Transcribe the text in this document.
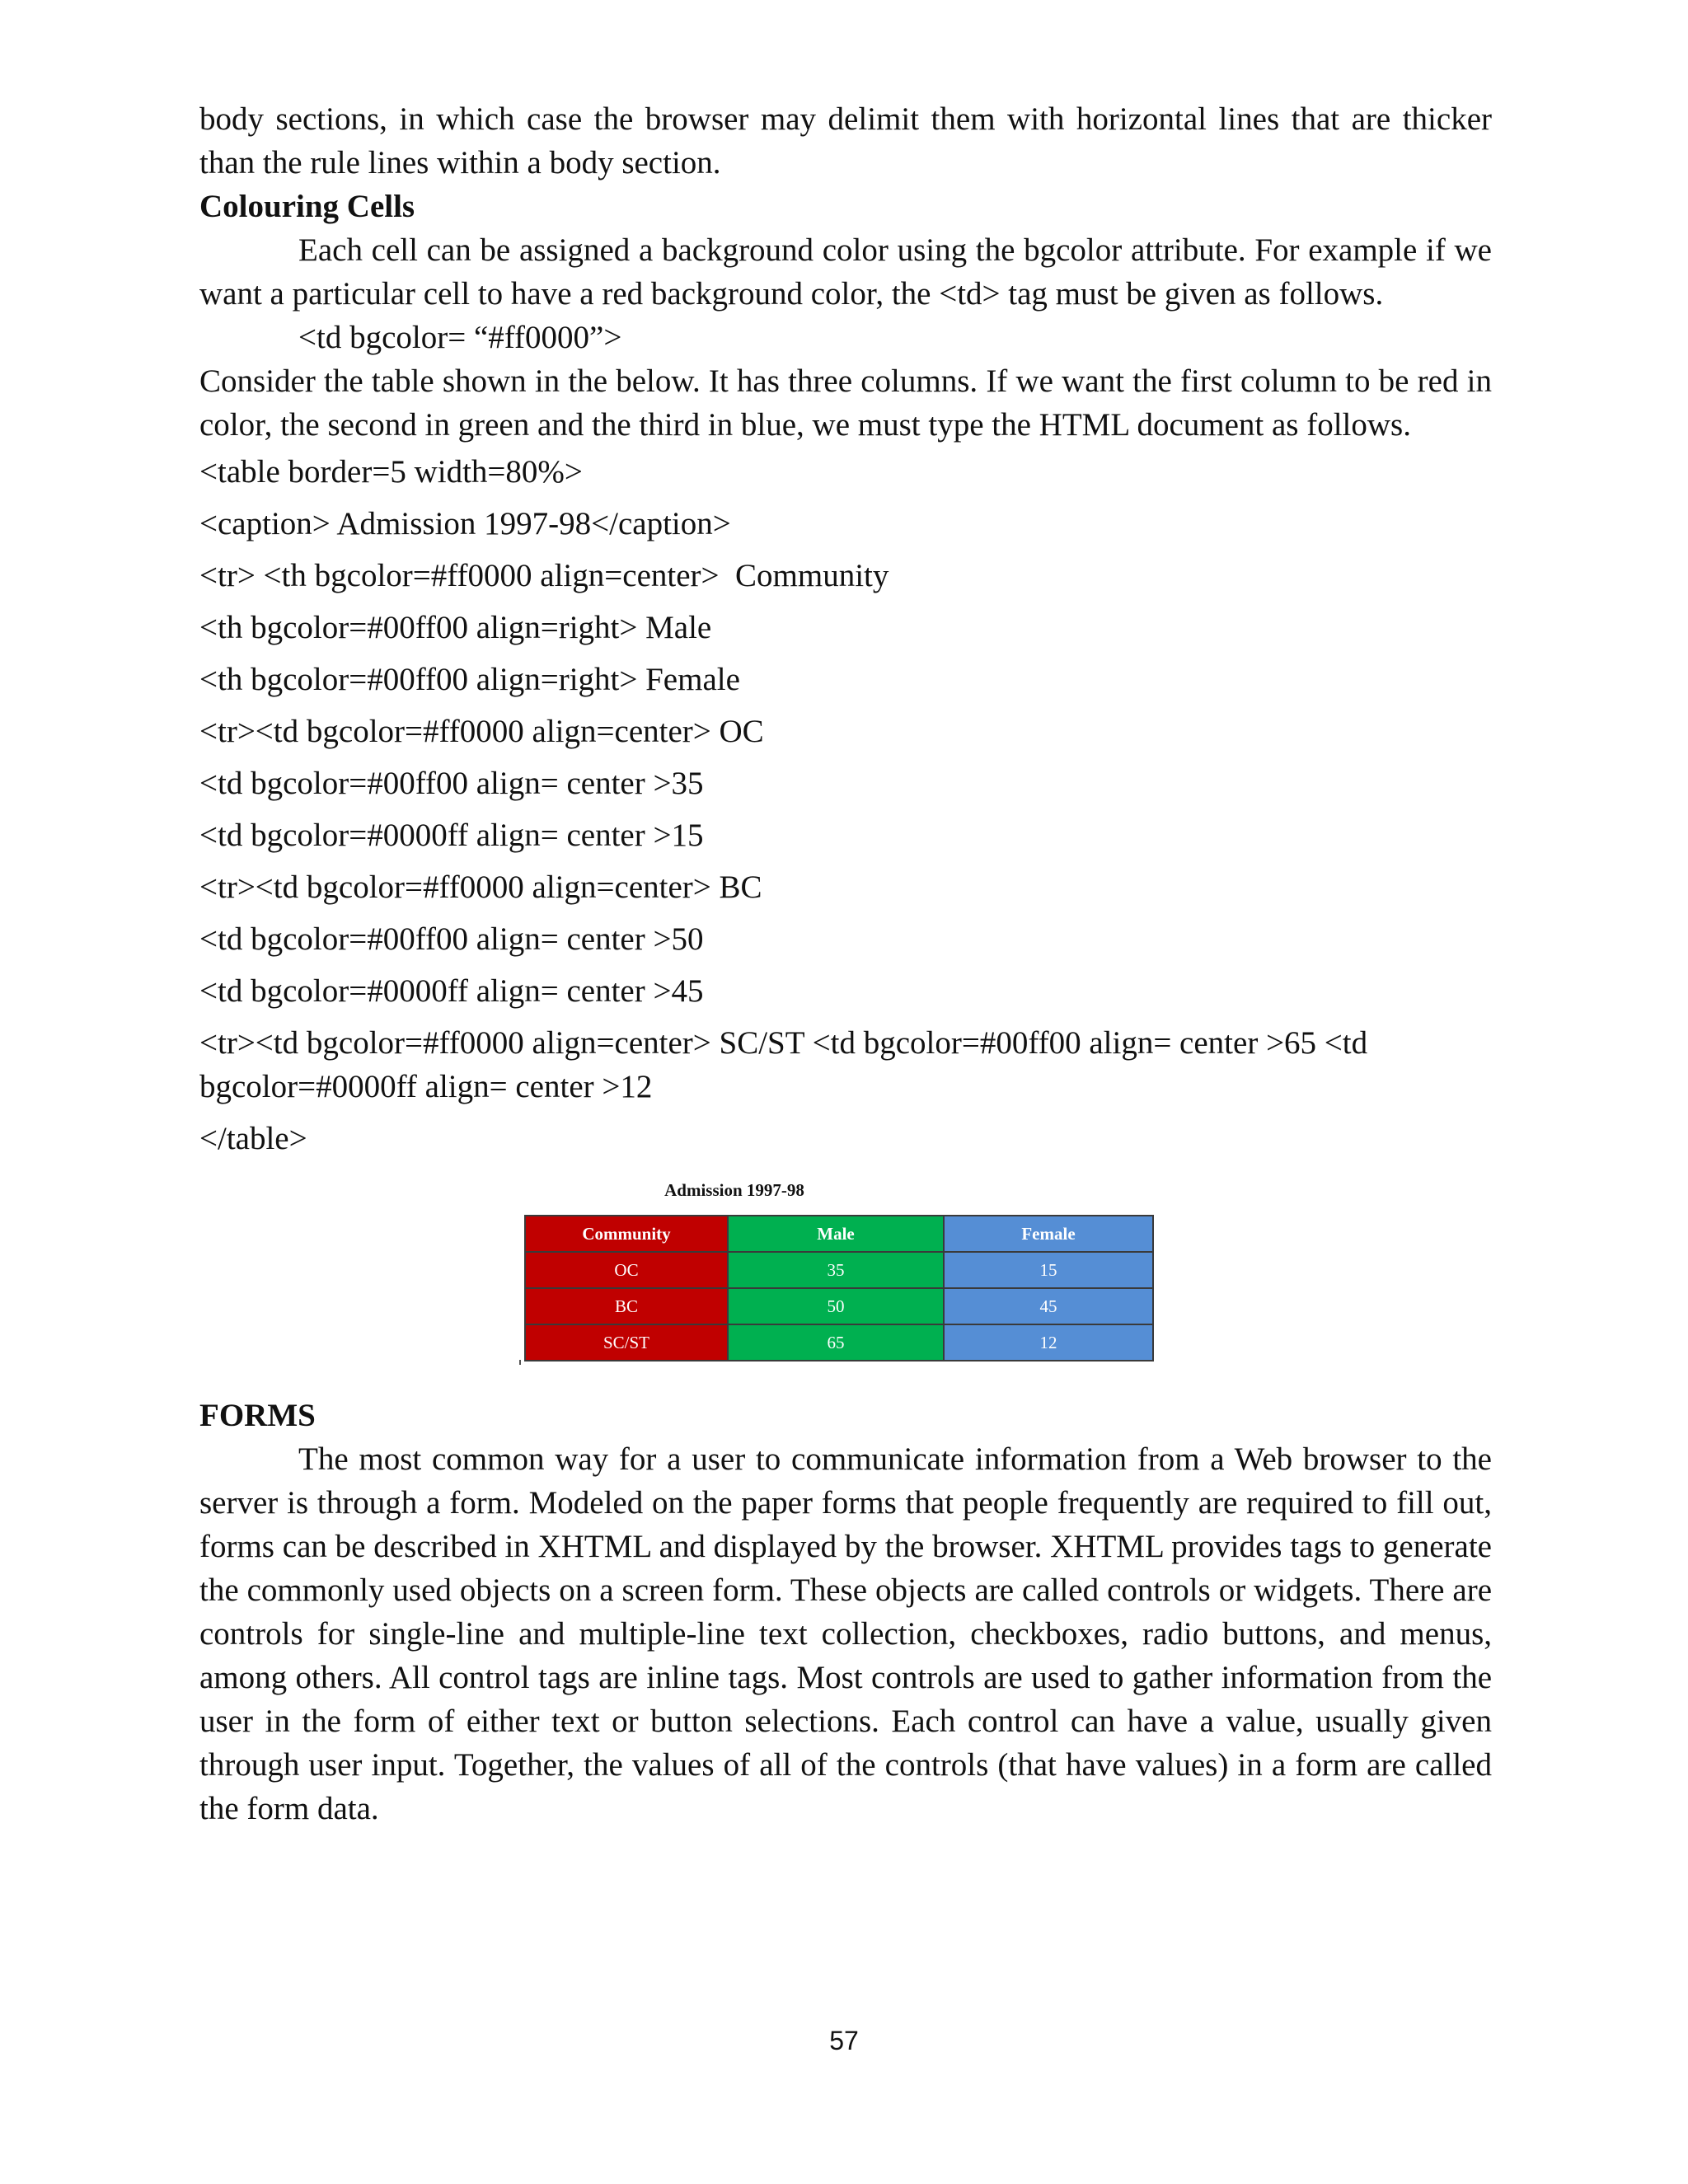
body sections, in which case the browser may delimit them with horizontal lines that are thicker than the rule lines within a body section.

Colouring Cells

Each cell can be assigned a background color using the bgcolor attribute. For example if we want a particular cell to have a red background color, the <td> tag must be given as follows.

<td bgcolor= “#ff0000”>

Consider the table shown in the below. It has three columns. If we want the first column to be red in color, the second in green and the third in blue, we must type the HTML document as follows.

<table border=5 width=80%>

<caption> Admission 1997-98</caption>

<tr> <th bgcolor=#ff0000 align=center>  Community

<th bgcolor=#00ff00 align=right> Male

<th bgcolor=#00ff00 align=right> Female

<tr><td bgcolor=#ff0000 align=center> OC

<td bgcolor=#00ff00 align= center >35

<td bgcolor=#0000ff align= center >15

<tr><td bgcolor=#ff0000 align=center> BC

<td bgcolor=#00ff00 align= center >50

<td bgcolor=#0000ff align= center >45

<tr><td bgcolor=#ff0000 align=center> SC/ST <td bgcolor=#00ff00 align= center >65 <td bgcolor=#0000ff align= center >12

</table>

Admission 1997-98
Community	Male	Female
OC	35	15
BC	50	45
SC/ST	65	12
FORMS

The most common way for a user to communicate information from a Web browser to the server is through a form. Modeled on the paper forms that people frequently are required to fill out, forms can be described in XHTML and displayed by the browser. XHTML provides tags to generate the commonly used objects on a screen form. These objects are called controls or widgets. There are controls for single-line and multiple-line text collection, checkboxes, radio buttons, and menus, among others. All control tags are inline tags. Most controls are used to gather information from the user in the form of either text or button selections. Each control can have a value, usually given through user input. Together, the values of all of the controls (that have values) in a form are called the form data.

57
